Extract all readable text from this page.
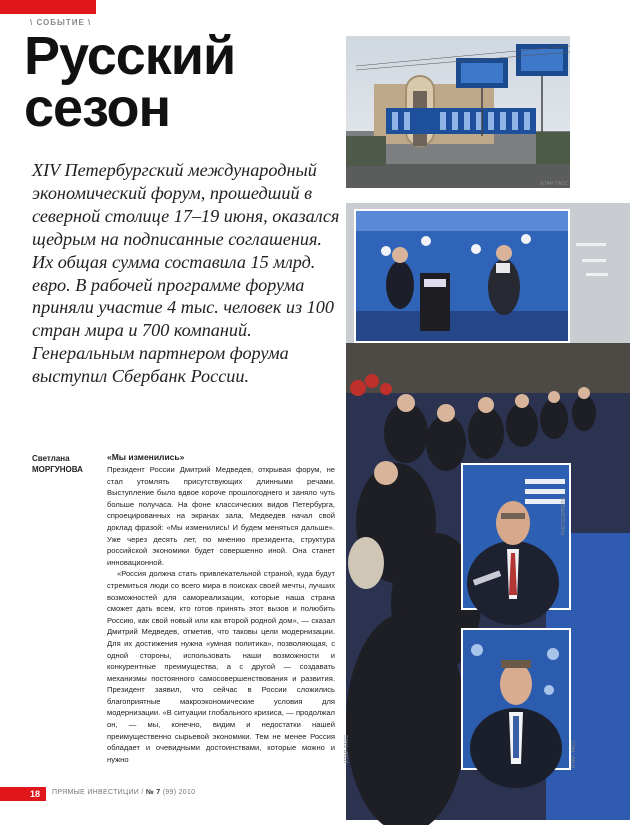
\ СОБЫТИЕ \
Русский
сезон
XIV Петербургский международный экономический форум, прошедший в северной столице 17–19 июня, оказался щедрым на подписанные соглашения. Их общая сумма составила 15 млрд. евро. В рабочей программе форума приняли участие 4 тыс. человек из 100 стран мира и 700 компаний. Генеральным партнером форума выступил Сбербанк России.
Светлана
МОРГУНОВА
«Мы изменились»

Президент России Дмитрий Медведев, открывая форум, не стал утомлять присутствующих длинными речами. Выступление было вдвое короче прошлогоднего и заняло чуть больше получаса. На фоне классических видов Петербурга, спроецированных на экранах зала, Медведев начал свой доклад фразой: «Мы изменились! И будем меняться дальше». Уже через десять лет, по мнению президента, структура российской экономики будет совершенно иной. Она станет инновационной.

«Россия должна стать привлекательной страной, куда будут стремиться люди со всего мира в поисках своей мечты, лучших возможностей для самореализации, которые наша страна сможет дать всем, кто готов принять этот вызов и полюбить Россию, как свой новый или как второй родной дом», — сказал Дмитрий Медведев, отметив, что таковы цели модернизации. Для их достижения нужна «умная политика», позволяющая, с одной стороны, использовать наши возможности и конкурентные преимущества, а с другой — создавать механизмы постоянного самосовершенствования и развития. Президент заявил, что сейчас в России сложились благоприятные макроэкономические условия для модернизации. «В ситуации глобального кризиса, — продолжал он, — мы, конечно, видим и недостатки нашей преимущественно сырьевой экономики. Тем не менее Россия обладает и очевидными достоинствами, которые можно и нужно

ИТАР-ТАСС
PHOTOXPRESS
ИТАР-ТАСС	ИТАР-ТАСС
18	ПРЯМЫЕ ИНВЕСТИЦИИ / № 7 (99) 2010
